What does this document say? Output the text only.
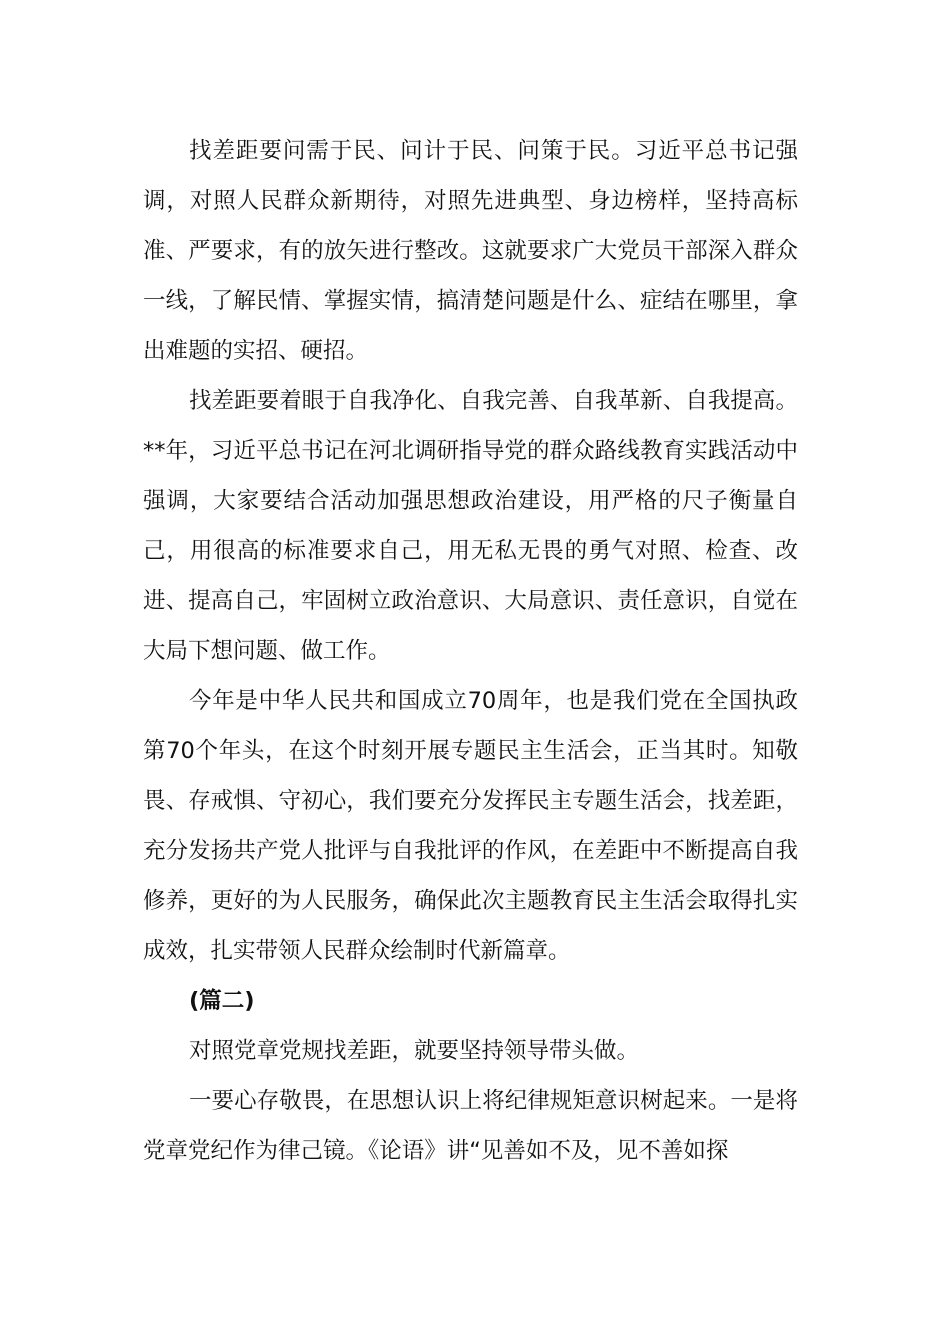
找差距要问需于民、问计于民、问策于民。习近平总书记强调，对照人民群众新期待，对照先进典型、身边榜样，坚持高标准、严要求，有的放矢进行整改。这就要求广大党员干部深入群众一线，了解民情、掌握实情，搞清楚问题是什么、症结在哪里，拿出难题的实招、硬招。

找差距要着眼于自我净化、自我完善、自我革新、自我提高。**年，习近平总书记在河北调研指导党的群众路线教育实践活动中强调，大家要结合活动加强思想政治建设，用严格的尺子衡量自己，用很高的标准要求自己，用无私无畏的勇气对照、检查、改进、提高自己，牢固树立政治意识、大局意识、责任意识，自觉在大局下想问题、做工作。

今年是中华人民共和国成立70周年，也是我们党在全国执政第70个年头，在这个时刻开展专题民主生活会，正当其时。知敬畏、存戒惧、守初心，我们要充分发挥民主专题生活会，找差距，充分发扬共产党人批评与自我批评的作风，在差距中不断提高自我修养，更好的为人民服务，确保此次主题教育民主生活会取得扎实成效，扎实带领人民群众绘制时代新篇章。

(篇二)

对照党章党规找差距，就要坚持领导带头做。

一要心存敬畏，在思想认识上将纪律规矩意识树起来。一是将党章党纪作为律己镜。《论语》讲“见善如不及，见不善如探
